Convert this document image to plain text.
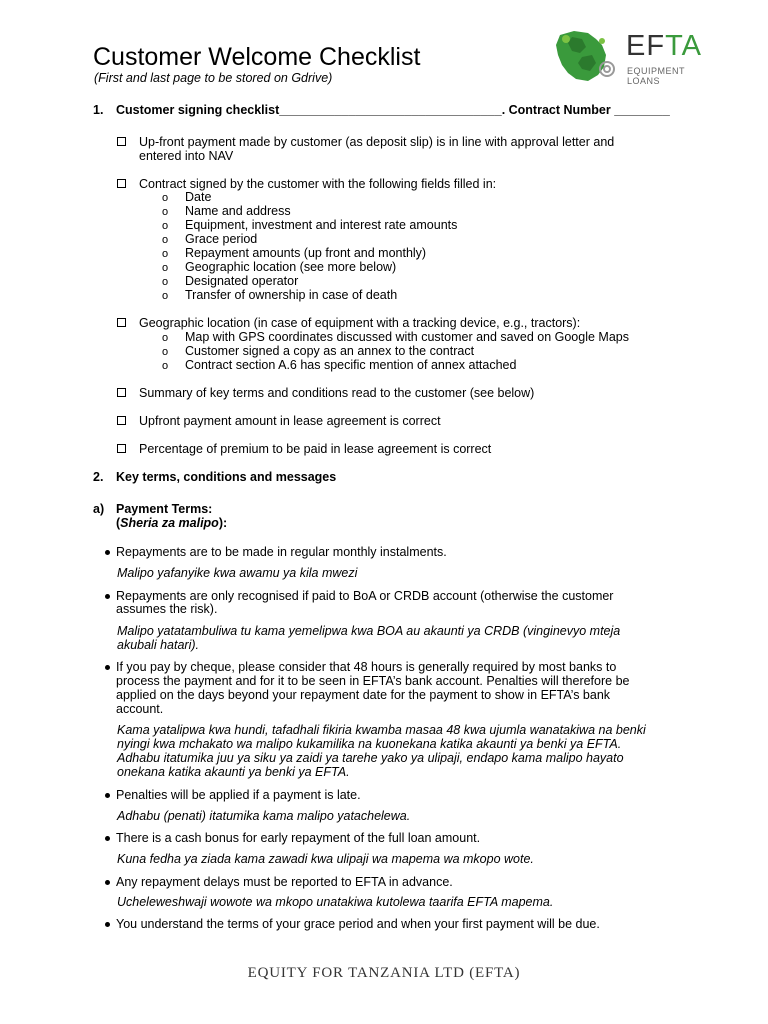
Customer Welcome Checklist
(First and last page to be stored on Gdrive)
EFTA
EQUIPMENT LOANS
1. Customer signing checklist________________________________. Contract Number ________
Up-front payment made by customer (as deposit slip) is in line with approval letter and
entered into NAV
Contract signed by the customer with the following fields filled in:
o Date
o Name and address
o Equipment, investment and interest rate amounts
o Grace period
o Repayment amounts (up front and monthly)
o Geographic location (see more below)
o Designated operator
o Transfer of ownership in case of death
Geographic location (in case of equipment with a tracking device, e.g., tractors):
o Map with GPS coordinates discussed with customer and saved on Google Maps
o Customer signed a copy as an annex to the contract
o Contract section A.6 has specific mention of annex attached
Summary of key terms and conditions read to the customer (see below)
Upfront payment amount in lease agreement is correct
Percentage of premium to be paid in lease agreement is correct
2. Key terms, conditions and messages
a) Payment Terms:
(Sheria za malipo):
Repayments are to be made in regular monthly instalments.
Malipo yafanyike kwa awamu ya kila mwezi
Repayments are only recognised if paid to BoA or CRDB account (otherwise the customer
assumes the risk).
Malipo yatatambuliwa tu kama yemelipwa kwa BOA au akaunti ya CRDB (vinginevyo mteja
akubali hatari).
If you pay by cheque, please consider that 48 hours is generally required by most banks to
process the payment and for it to be seen in EFTA’s bank account. Penalties will therefore be
applied on the days beyond your repayment date for the payment to show in EFTA’s bank
account.
Kama yatalipwa kwa hundi, tafadhali fikiria kwamba masaa 48 kwa ujumla wanatakiwa na benki
nyingi kwa mchakato wa malipo kukamilika na kuonekana katika akaunti ya benki ya EFTA.
Adhabu itatumika juu ya siku ya zaidi ya tarehe yako ya ulipaji, endapo kama malipo hayato
onekana katika akaunti ya benki ya EFTA.
Penalties will be applied if a payment is late.
Adhabu (penati) itatumika kama malipo yatachelewa.
There is a cash bonus for early repayment of the full loan amount.
Kuna fedha ya ziada kama zawadi kwa ulipaji wa mapema wa mkopo wote.
Any repayment delays must be reported to EFTA in advance.
Ucheleweshwaji wowote wa mkopo unatakiwa kutolewa taarifa EFTA mapema.
You understand the terms of your grace period and when your first payment will be due.
EQUITY FOR TANZANIA LTD (EFTA)
